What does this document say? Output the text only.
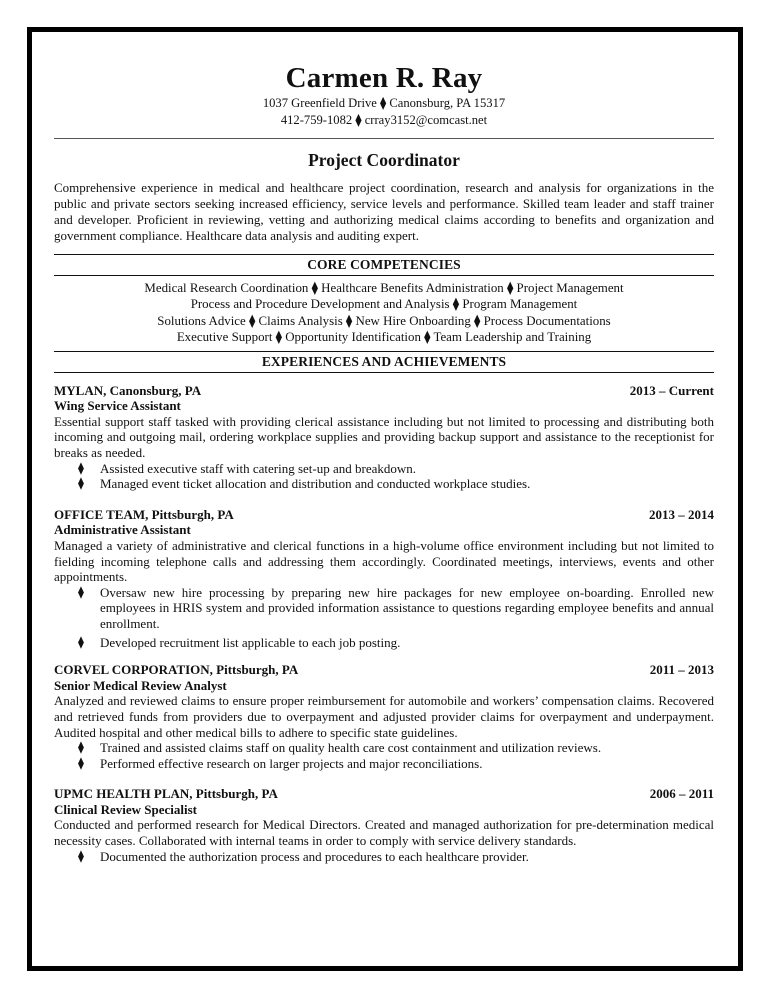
Carmen R. Ray
1037 Greenfield Drive ⧫ Canonsburg, PA 15317
412-759-1082 ⧫ crray3152@comcast.net
Project Coordinator
Comprehensive experience in medical and healthcare project coordination, research and analysis for organizations in the public and private sectors seeking increased efficiency, service levels and performance. Skilled team leader and staff trainer and developer. Proficient in reviewing, vetting and authorizing medical claims according to benefits and organization and government compliance. Healthcare data analysis and auditing expert.
CORE COMPETENCIES
Medical Research Coordination ⧫ Healthcare Benefits Administration ⧫ Project Management
Process and Procedure Development and Analysis ⧫ Program Management
Solutions Advice ⧫ Claims Analysis ⧫ New Hire Onboarding ⧫ Process Documentations
Executive Support ⧫ Opportunity Identification ⧫ Team Leadership and Training
EXPERIENCES AND ACHIEVEMENTS
MYLAN, Canonsburg, PA	2013 – Current
Wing Service Assistant
Essential support staff tasked with providing clerical assistance including but not limited to processing and distributing both incoming and outgoing mail, ordering workplace supplies and providing backup support and assistance to the receptionist for breaks as needed.
⧫	Assisted executive staff with catering set-up and breakdown.
⧫	Managed event ticket allocation and distribution and conducted workplace studies.
OFFICE TEAM, Pittsburgh, PA	2013 – 2014
Administrative Assistant
Managed a variety of administrative and clerical functions in a high-volume office environment including but not limited to fielding incoming telephone calls and addressing them accordingly. Coordinated meetings, interviews, events and other appointments.
⧫	Oversaw new hire processing by preparing new hire packages for new employee on-boarding. Enrolled new employees in HRIS system and provided information assistance to questions regarding employee benefits and annual enrollment.
⧫	Developed recruitment list applicable to each job posting.
CORVEL CORPORATION, Pittsburgh, PA	2011 – 2013
Senior Medical Review Analyst
Analyzed and reviewed claims to ensure proper reimbursement for automobile and workers’ compensation claims. Recovered and retrieved funds from providers due to overpayment and adjusted provider claims for overpayment and underpayment. Audited hospital and other medical bills to adhere to specific state guidelines.
⧫	Trained and assisted claims staff on quality health care cost containment and utilization reviews.
⧫	Performed effective research on larger projects and major reconciliations.
UPMC HEALTH PLAN, Pittsburgh, PA	2006 – 2011
Clinical Review Specialist
Conducted and performed research for Medical Directors. Created and managed authorization for pre-determination medical necessity cases. Collaborated with internal teams in order to comply with service delivery standards.
⧫	Documented the authorization process and procedures to each healthcare provider.
